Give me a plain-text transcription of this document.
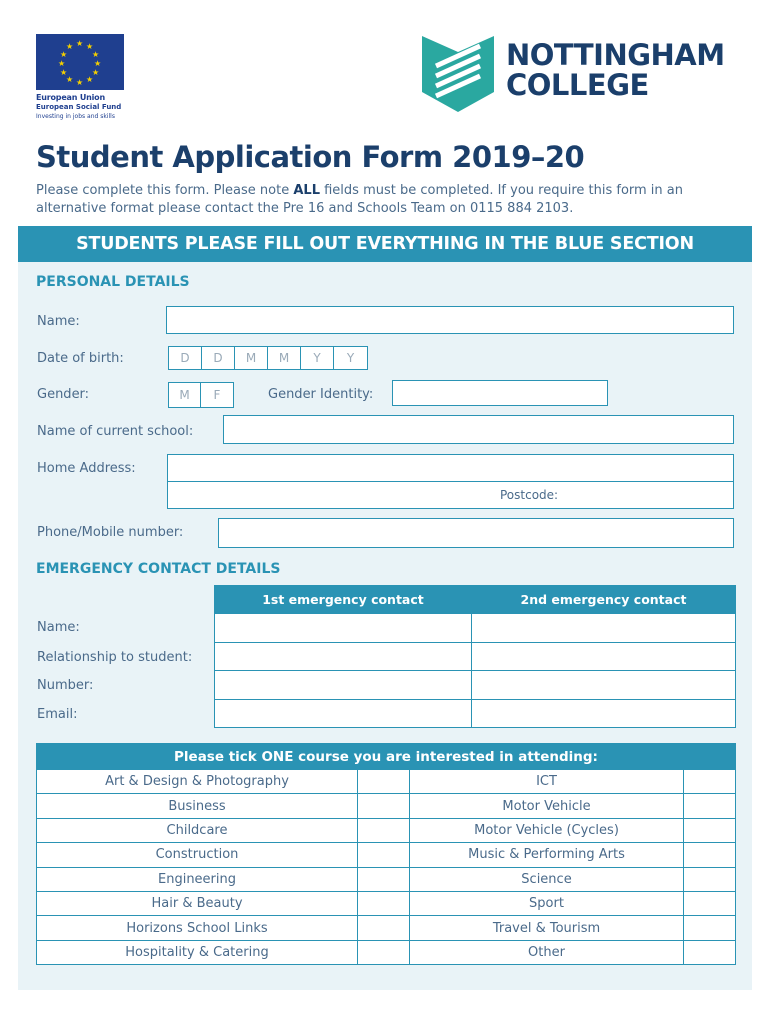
★ ★
★
★
★
★
★
★
★
★
★
★
European Union
European Social Fund
Investing in jobs and skills
NOTTINGHAM
COLLEGE
Student Application Form 2019–20
Please complete this form. Please note ALL fields must be completed. If you require this form in an alternative format please contact the Pre 16 and Schools Team on 0115 884 2103.
STUDENTS PLEASE FILL OUT EVERYTHING IN THE BLUE SECTION
PERSONAL DETAILS
Name:
Date of birth:	D	D	M	M	Y	Y
Gender:	M	F	Gender Identity:
Name of current school:
Home Address:
Postcode:
Phone/Mobile number:
EMERGENCY CONTACT DETAILS
1st emergency contact	2nd emergency contact

Name:
Relationship to student:
Number:
Email:
Please tick ONE course you are interested in attending:			
Art & Design & Photography		ICT	
Business		Motor Vehicle	
Childcare		Motor Vehicle (Cycles)	
Construction		Music & Performing Arts	
Engineering		Science	
Hair & Beauty		Sport	
Horizons School Links		Travel & Tourism	
Hospitality & Catering		Other	
